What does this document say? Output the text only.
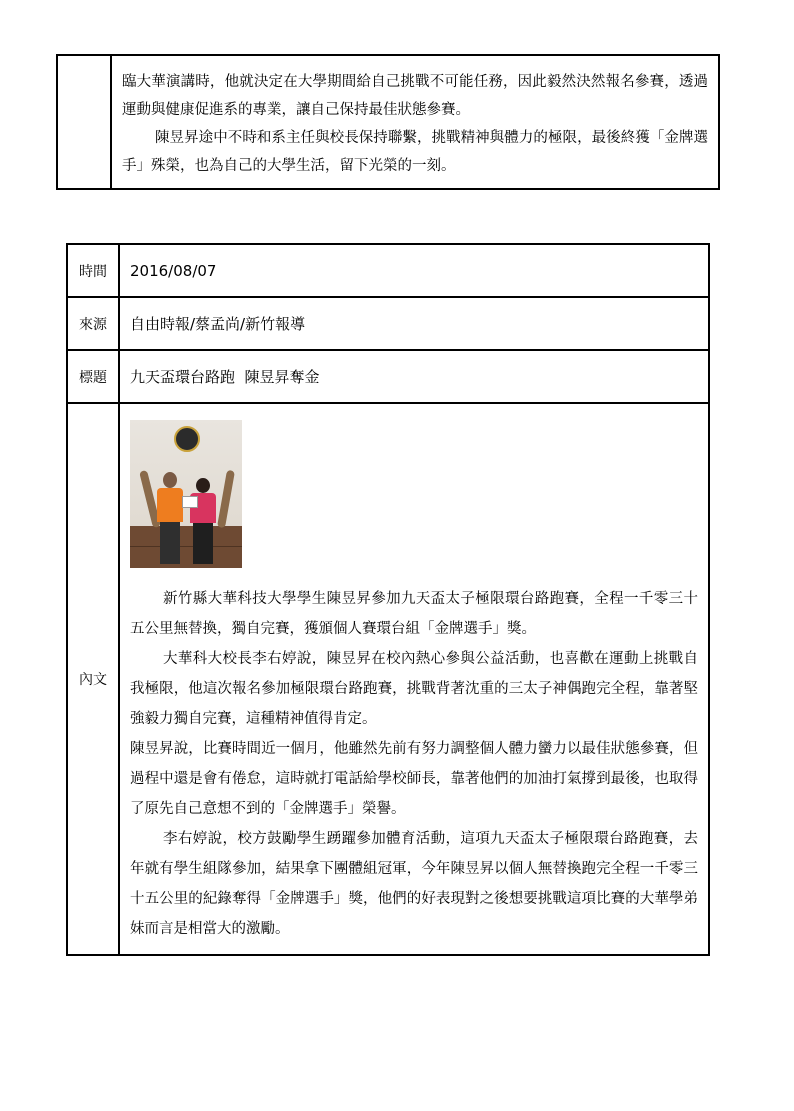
臨大華演講時，他就決定在大學期間給自己挑戰不可能任務，因此毅然決然報名參賽，透過運動與健康促進系的專業，讓自己保持最佳狀態參賽。

陳昱昇途中不時和系主任與校長保持聯繫，挑戰精神與體力的極限，最後終獲「金牌選手」殊榮，也為自己的大學生活，留下光榮的一刻。

時間	2016/08/07
來源	自由時報/蔡孟尚/新竹報導
標題	九天盃環台路跑  陳昱昇奪金
內文	新竹縣大華科技大學學生陳昱昇參加九天盃太子極限環台路跑賽，全程一千零三十五公里無替換，獨自完賽，獲頒個人賽環台組「金牌選手」獎。

大華科大校長李右婷說，陳昱昇在校內熱心參與公益活動，也喜歡在運動上挑戰自我極限，他這次報名參加極限環台路跑賽，挑戰背著沈重的三太子神偶跑完全程，靠著堅強毅力獨自完賽，這種精神值得肯定。

陳昱昇說，比賽時間近一個月，他雖然先前有努力調整個人體力蠻力以最佳狀態參賽，但過程中還是會有倦怠，這時就打電話給學校師長，靠著他們的加油打氣撐到最後，也取得了原先自己意想不到的「金牌選手」榮譽。

李右婷說，校方鼓勵學生踴躍參加體育活動，這項九天盃太子極限環台路跑賽，去年就有學生組隊參加，結果拿下團體組冠軍，今年陳昱昇以個人無替換跑完全程一千零三十五公里的紀錄奪得「金牌選手」獎，他們的好表現對之後想要挑戰這項比賽的大華學弟妹而言是相當大的激勵。
